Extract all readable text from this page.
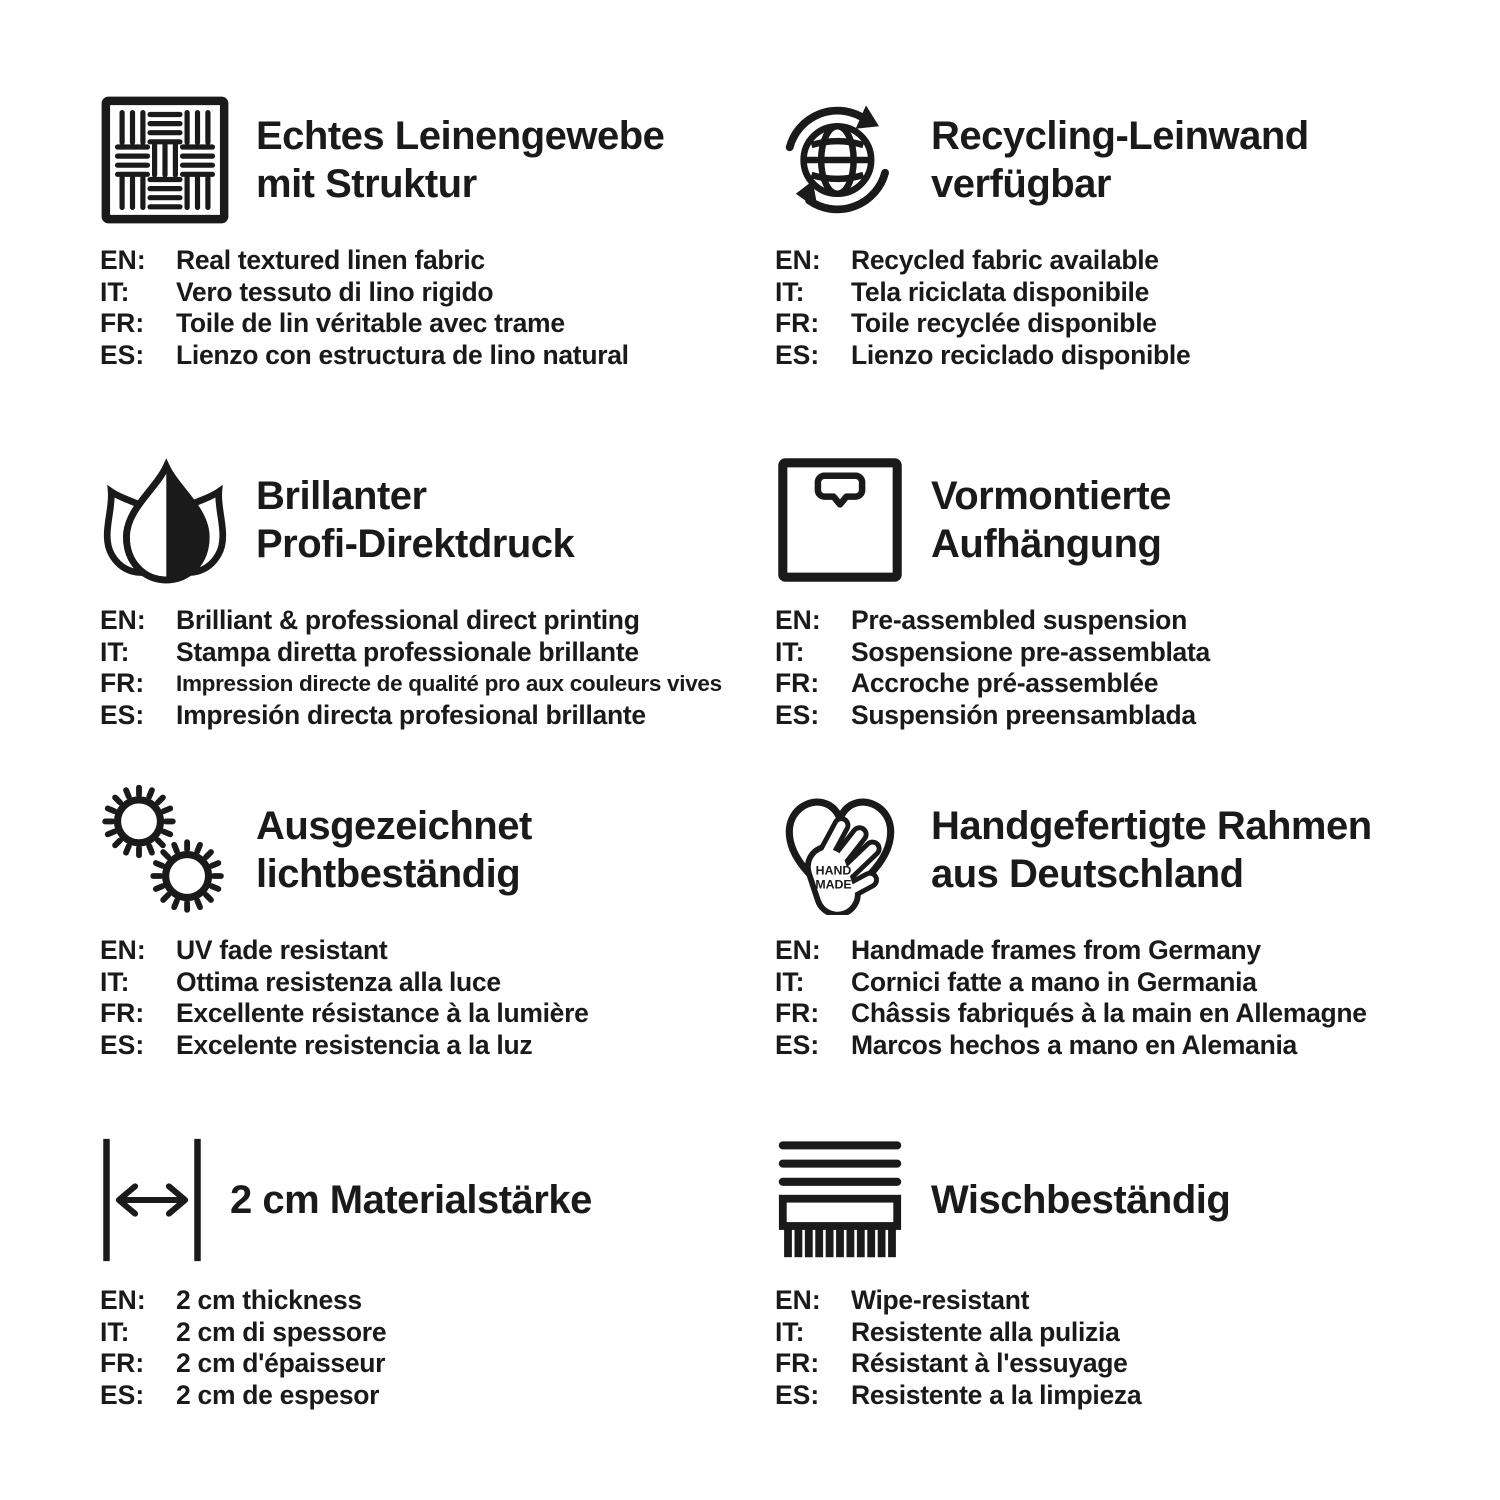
Echtes Leinengewebe
mit Struktur
EN:	Real textured linen fabric
IT:	Vero tessuto di lino rigido
FR:	Toile de lin véritable avec trame
ES:	Lienzo con estructura de lino natural
Recycling-Leinwand
verfügbar
EN:	Recycled fabric available
IT:	Tela riciclata disponibile
FR:	Toile recyclée disponible
ES:	Lienzo reciclado disponible
Brillanter
Profi-Direktdruck
EN:	Brilliant & professional direct printing
IT:	Stampa diretta professionale brillante
FR:	Impression directe de qualité pro aux couleurs vives
ES:	Impresión directa profesional brillante
Vormontierte
Aufhängung
EN:	Pre-assembled suspension
IT:	Sospensione pre-assemblata
FR:	Accroche pré-assemblée
ES:	Suspensión preensamblada
Ausgezeichnet
lichtbeständig
EN:	UV fade resistant
IT:	Ottima resistenza alla luce
FR:	Excellente résistance à la lumière
ES:	Excelente resistencia a la luz
HAND
MADE
Handgefertigte Rahmen
aus Deutschland
EN:	Handmade frames from Germany
IT:	Cornici fatte a mano in Germania
FR:	Châssis fabriqués à la main en Allemagne
ES:	Marcos hechos a mano en Alemania
2 cm Materialstärke
EN:	2 cm thickness
IT:	2 cm di spessore
FR:	2 cm d'épaisseur
ES:	2 cm de espesor
Wischbeständig
EN:	Wipe-resistant
IT:	Resistente alla pulizia
FR:	Résistant à l'essuyage
ES:	Resistente a la limpieza
